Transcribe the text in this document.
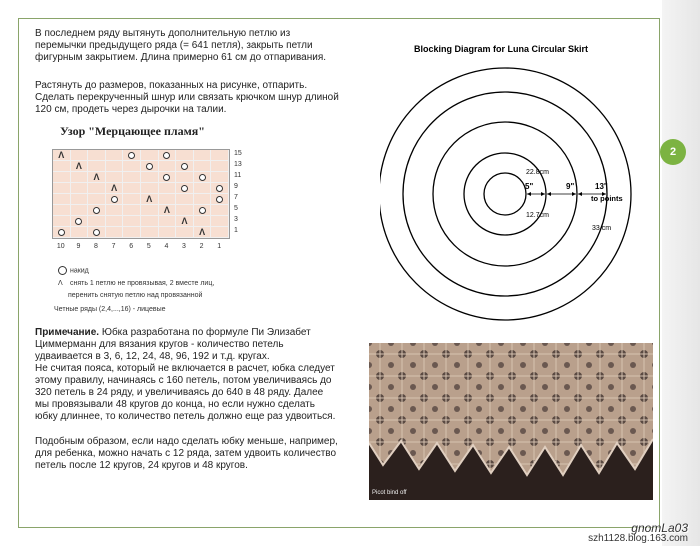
2
В последнем ряду вытянуть дополнительную петлю из перемычки предыдущего ряда (= 641 петля), закрыть петли фигурным закрытием. Длина примерно 61 см до отпаривания.
Растянуть до размеров, показанных на рисунке, отпарить. Сделать перекрученный шнур или связать крючком шнур длиной 120 см, продеть через дырочки на талии.
Узор "Мерцающее пламя"
Λ
Λ
Λ
Λ
Λ
Λ
Λ
Λ
15
13
11
9
7
5
3
1
10	9	8	7	6	5	4	3	2	1
накид
Λ снять 1 петлю не провязывая, 2 вместе лиц,
перенить снятую петлю над провязанной
Четные ряды (2,4,...,16) - лицевые
Примечание. Юбка разработана по формуле Пи Элизабет Циммерманн для вязания кругов - количество петель удваивается в 3, 6, 12, 24, 48, 96, 192 и т.д. кругах.
Не считая пояса, который не включается в расчет, юбка следует этому правилу, начинаясь с 160 петель, потом увеличиваясь до 320 петель в 24 ряду, и увеличиваясь до 640 в 48 ряду. Далее мы провязывали 48 кругов до конца, но если нужно сделать юбку длиннее, то количество петель должно еще раз удвоиться.
Подобным образом, если надо сделать юбку меньше, например, для ребенка, можно начать с 12 ряда, затем удвоить количество петель после 12 кругов, 24 кругов и 48 кругов.
Blocking Diagram for Luna Circular Skirt
22.8cm
5"	9"	13"
to points
12.7cm
33 cm
Picot bind off
gnomLa03
szh1128.blog.163.com
